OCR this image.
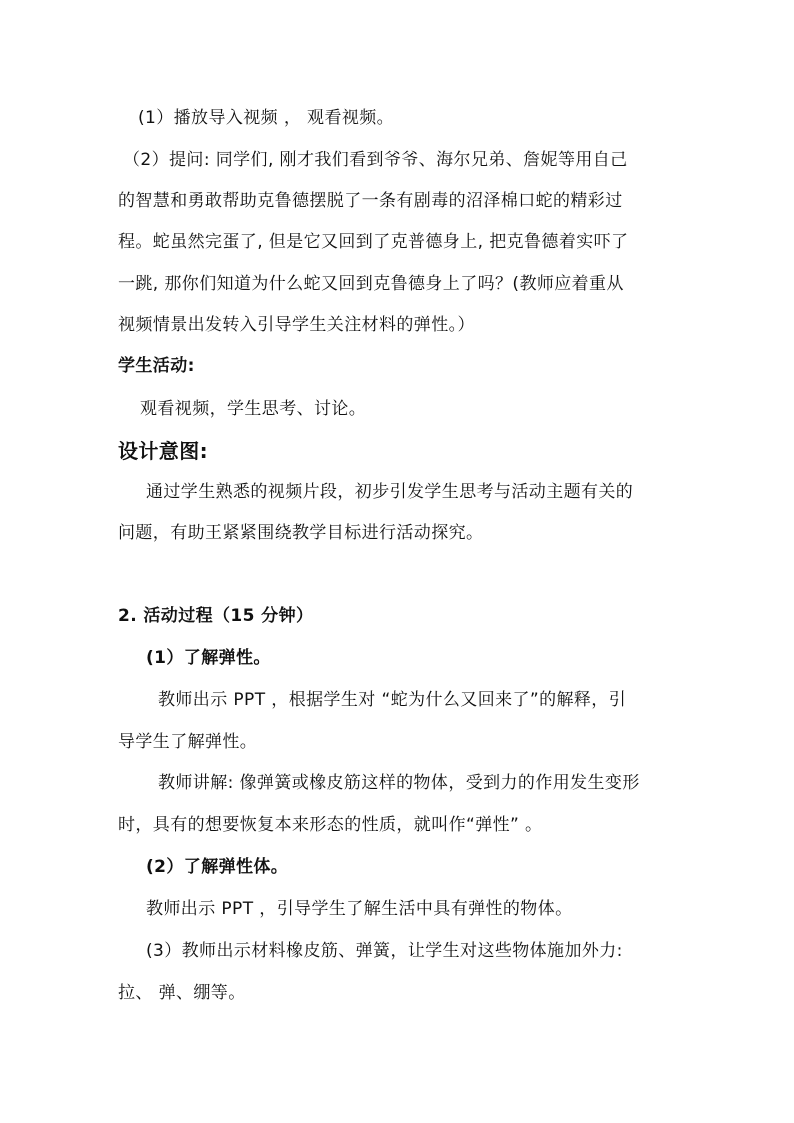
(1）播放导入视频 ， 观看视频。
（2）提问: 同学们, 刚才我们看到爷爷、海尔兄弟、詹妮等用自己
的智慧和勇敢帮助克鲁德摆脱了一条有剧毒的沼泽棉口蛇的精彩过
程。蛇虽然完蛋了, 但是它又回到了克普德身上, 把克鲁德着实吓了
一跳, 那你们知道为什么蛇又回到克鲁德身上了吗？(教师应着重从
视频情景出发转入引导学生关注材料的弹性。）
学生活动:
观看视频，学生思考、讨论。
设计意图:
通过学生熟悉的视频片段，初步引发学生思考与活动主题有关的
问题，有助王紧紧围绕教学目标进行活动探究。
2. 活动过程（15 分钟）
(1）了解弹性。
教师出示 PPT ，根据学生对 “蛇为什么又回来了”的解释，引
导学生了解弹性。
教师讲解: 像弹簧或橡皮筋这样的物体，受到力的作用发生变形
时，具有的想要恢复本来形态的性质，就叫作“弹性” 。
(2）了解弹性体。
教师出示 PPT ，引导学生了解生活中具有弹性的物体。
(3）教师出示材料橡皮筋、弹簧，让学生对这些物体施加外力:
拉、 弹、绷等。
